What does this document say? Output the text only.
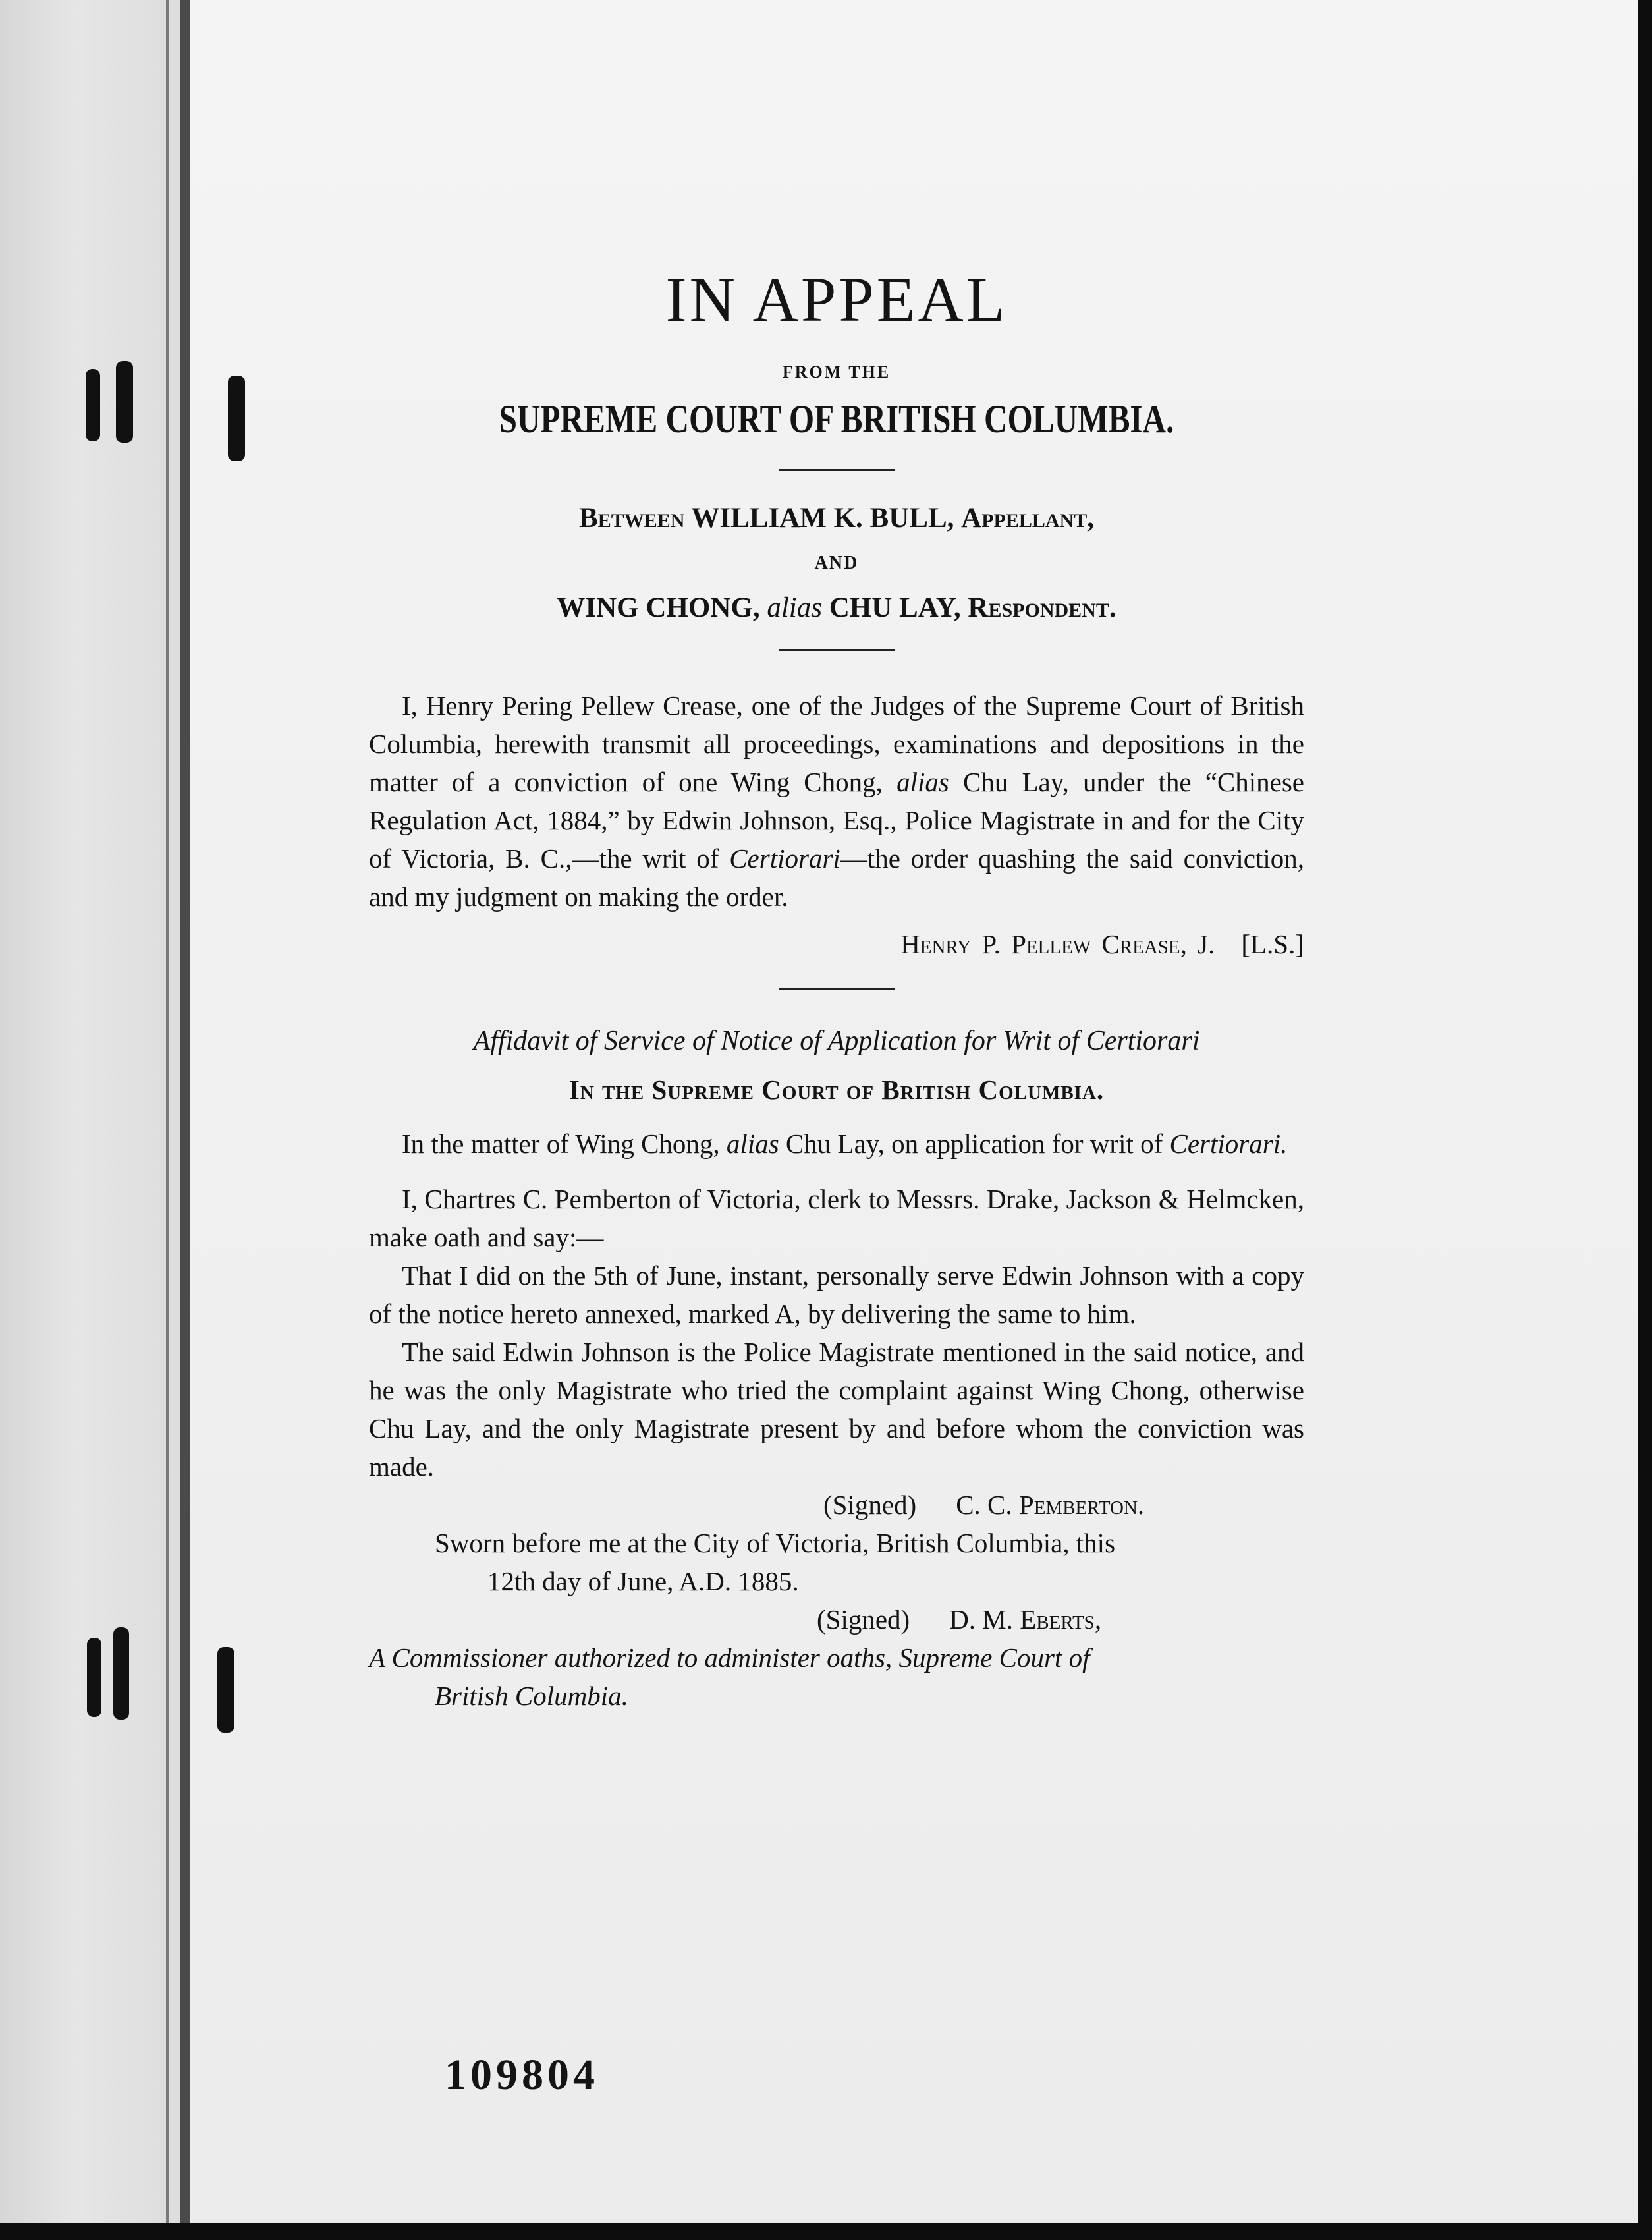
IN APPEAL
FROM THE
SUPREME COURT OF BRITISH COLUMBIA.
Between WILLIAM K. BULL, Appellant,
AND
WING CHONG, alias CHU LAY, Respondent.

I, Henry Pering Pellew Crease, one of the Judges of the Supreme Court of British Columbia, herewith transmit all proceedings, examinations and depositions in the matter of a conviction of one Wing Chong, alias Chu Lay, under the “Chinese Regulation Act, 1884,” by Edwin Johnson, Esq., Police Magistrate in and for the City of Victoria, B. C.,—the writ of Certiorari—the order quashing the said conviction, and my judgment on making the order.

Henry P. Pellew Crease, J. [L.S.]
Affidavit of Service of Notice of Application for Writ of Certiorari
In the Supreme Court of British Columbia.

In the matter of Wing Chong, alias Chu Lay, on application for writ of Certiorari.

I, Chartres C. Pemberton of Victoria, clerk to Messrs. Drake, Jackson & Helmcken, make oath and say:—

That I did on the 5th of June, instant, personally serve Edwin Johnson with a copy of the notice hereto annexed, marked A, by delivering the same to him.

The said Edwin Johnson is the Police Magistrate mentioned in the said notice, and he was the only Magistrate who tried the complaint against Wing Chong, otherwise Chu Lay, and the only Magistrate present by and before whom the conviction was made.

(Signed) C. C. Pemberton.
Sworn before me at the City of Victoria, British Columbia, this
12th day of June, A.D. 1885.
(Signed) D. M. Eberts,
A Commissioner authorized to administer oaths, Supreme Court of
British Columbia.
109804
